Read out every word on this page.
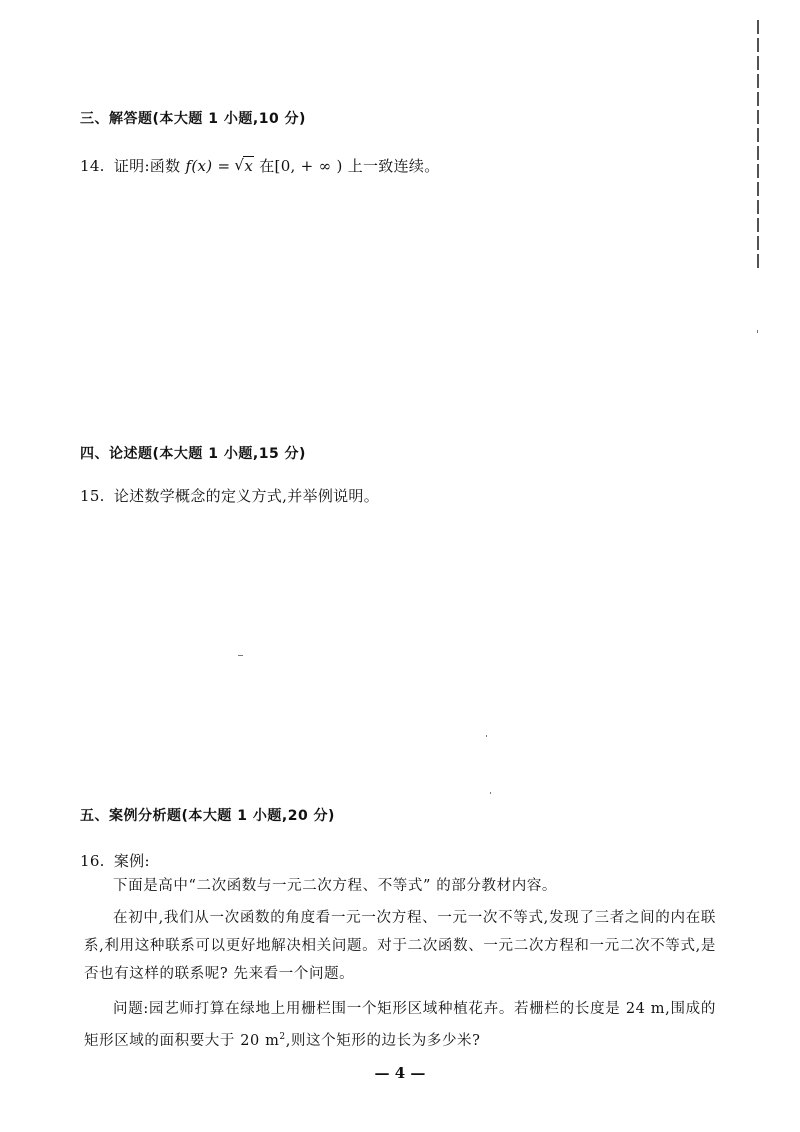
三、解答题(本大题 1 小题,10 分)
14. 证明:函数 f(x) = √ x 在[0, + ∞ ) 上一致连续。
四、论述题(本大题 1 小题,15 分)
15. 论述数学概念的定义方式,并举例说明。
五、案例分析题(本大题 1 小题,20 分)
16. 案例:
下面是高中“二次函数与一元二次方程、不等式” 的部分教材内容。
在初中,我们从一次函数的角度看一元一次方程、一元一次不等式,发现了三者之间的内在联系,利用这种联系可以更好地解决相关问题。对于二次函数、一元二次方程和一元二次不等式,是否也有这样的联系呢? 先来看一个问题。
问题:园艺师打算在绿地上用栅栏围一个矩形区域种植花卉。若栅栏的长度是 24 m,围成的矩形区域的面积要大于 20 $m^2$,则这个矩形的边长为多少米?
— 4 —
